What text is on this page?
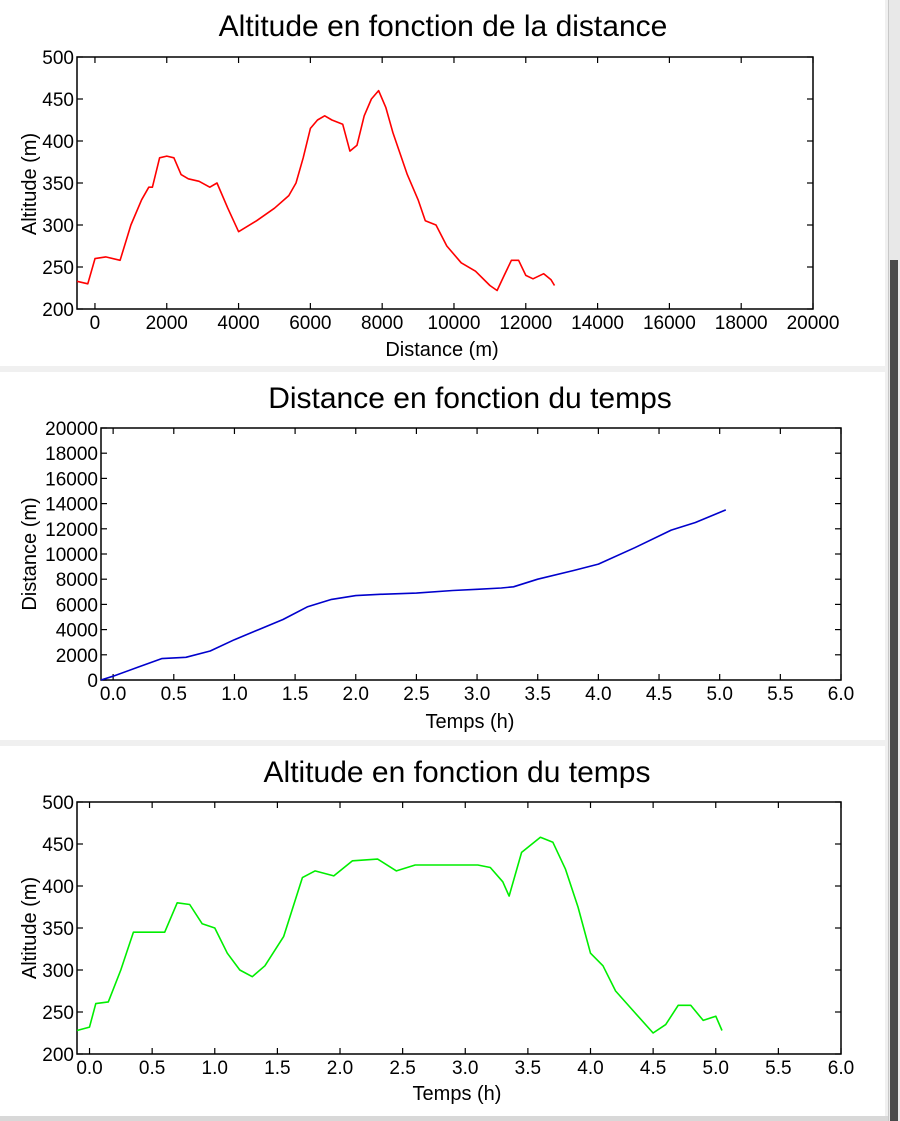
Altitude en fonction de la distance
Distance (m)
Altitude (m)
0 2000 4000 6000 8000 10000 12000 14000 16000 18000 20000
200
250
300
350
400
450
500
Distance en fonction du temps
Temps (h)
Distance (m)
0.0 0.5 1.0 1.5 2.0 2.5 3.0 3.5 4.0 4.5 5.0 5.5 6.0
0
2000
4000
6000
8000
10000
12000
14000
16000
18000
20000
Altitude en fonction du temps
Temps (h)
Altitude (m)
0.0 0.5 1.0 1.5 2.0 2.5 3.0 3.5 4.0 4.5 5.0 5.5 6.0
200
250
300
350
400
450
500
